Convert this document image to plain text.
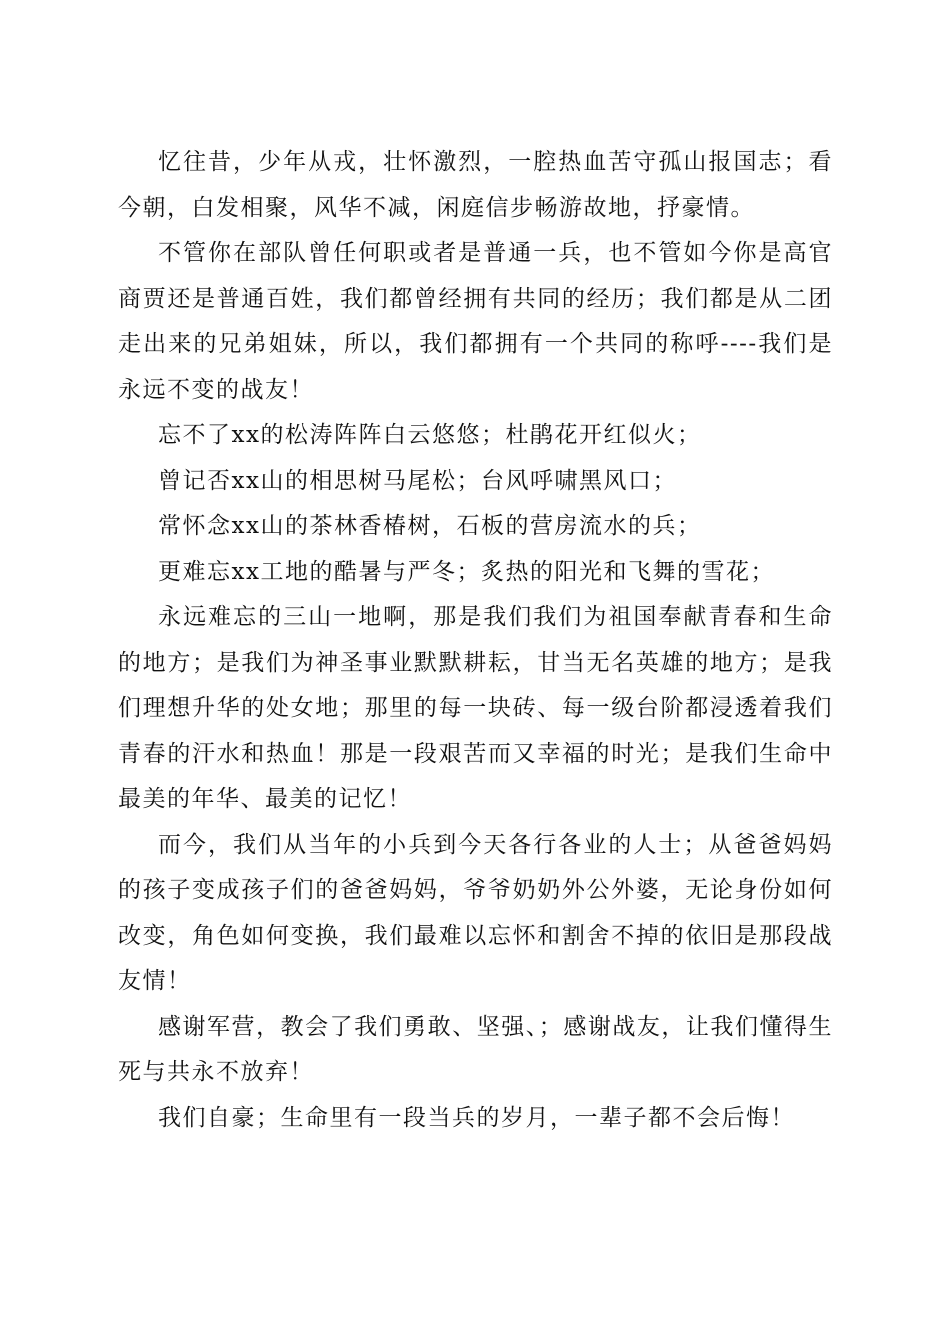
忆往昔，少年从戎，壮怀激烈，一腔热血苦守孤山报国志；看今朝，白发相聚，风华不减，闲庭信步畅游故地，抒豪情。

不管你在部队曾任何职或者是普通一兵，也不管如今你是高官商贾还是普通百姓，我们都曾经拥有共同的经历；我们都是从二团走出来的兄弟姐妹，所以，我们都拥有一个共同的称呼----我们是永远不变的战友！

忘不了xx的松涛阵阵白云悠悠；杜鹃花开红似火；

曾记否xx山的相思树马尾松；台风呼啸黑风口；

常怀念xx山的茶林香椿树，石板的营房流水的兵；

更难忘xx工地的酷暑与严冬；炙热的阳光和飞舞的雪花；

永远难忘的三山一地啊，那是我们我们为祖国奉献青春和生命的地方；是我们为神圣事业默默耕耘，甘当无名英雄的地方；是我们理想升华的处女地；那里的每一块砖、每一级台阶都浸透着我们青春的汗水和热血！那是一段艰苦而又幸福的时光；是我们生命中最美的年华、最美的记忆！

而今，我们从当年的小兵到今天各行各业的人士；从爸爸妈妈的孩子变成孩子们的爸爸妈妈，爷爷奶奶外公外婆，无论身份如何改变，角色如何变换，我们最难以忘怀和割舍不掉的依旧是那段战友情！

感谢军营，教会了我们勇敢、坚强、；感谢战友，让我们懂得生死与共永不放弃！

我们自豪；生命里有一段当兵的岁月，一辈子都不会后悔！
